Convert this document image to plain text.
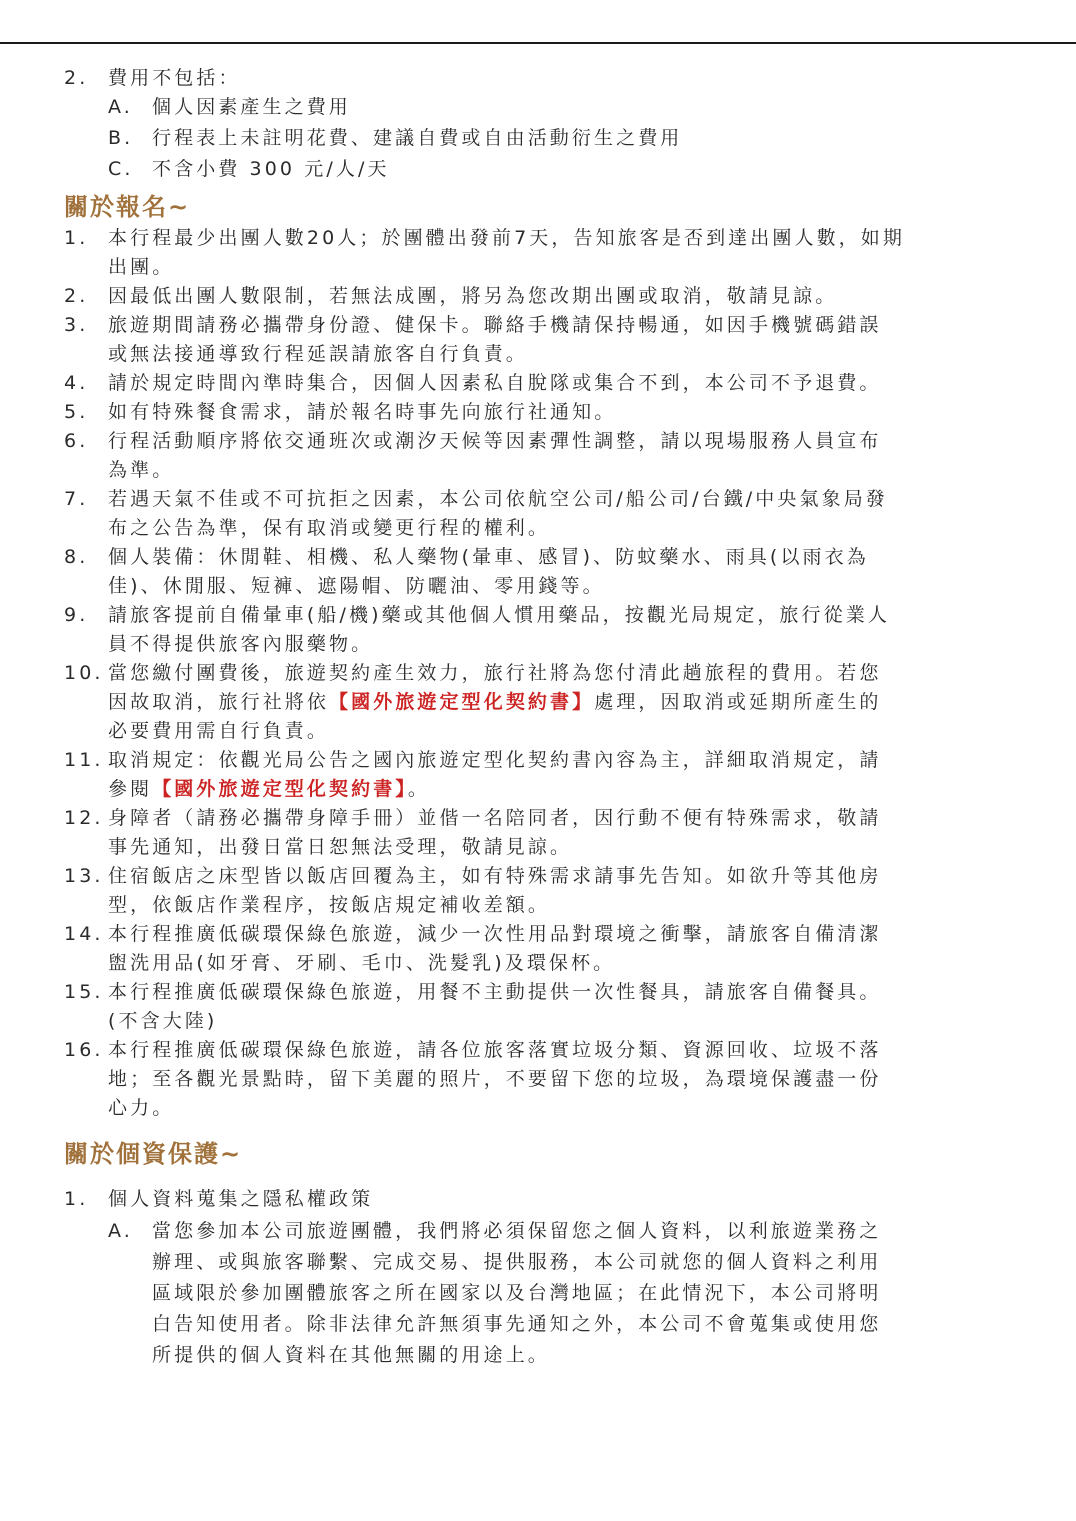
2. 費用不包括：
A. 個人因素產生之費用
B. 行程表上未註明花費、建議自費或自由活動衍生之費用
C. 不含小費 300 元/人/天
關於報名~
1. 本行程最少出團人數20人；於團體出發前7天，告知旅客是否到達出團人數，如期
出團。
2. 因最低出團人數限制，若無法成團，將另為您改期出團或取消，敬請見諒。
3. 旅遊期間請務必攜帶身份證、健保卡。聯絡手機請保持暢通，如因手機號碼錯誤
或無法接通導致行程延誤請旅客自行負責。
4. 請於規定時間內準時集合，因個人因素私自脫隊或集合不到，本公司不予退費。
5. 如有特殊餐食需求，請於報名時事先向旅行社通知。
6. 行程活動順序將依交通班次或潮汐天候等因素彈性調整，請以現場服務人員宣布
為準。
7. 若遇天氣不佳或不可抗拒之因素，本公司依航空公司/船公司/台鐵/中央氣象局發
布之公告為準，保有取消或變更行程的權利。
8. 個人裝備：休閒鞋、相機、私人藥物(暈車、感冒)、防蚊藥水、雨具(以雨衣為
佳)、休閒服、短褲、遮陽帽、防曬油、零用錢等。
9. 請旅客提前自備暈車(船/機)藥或其他個人慣用藥品，按觀光局規定，旅行從業人
員不得提供旅客內服藥物。
10. 當您繳付團費後，旅遊契約產生效力，旅行社將為您付清此趟旅程的費用。若您
因故取消，旅行社將依【國外旅遊定型化契約書】處理，因取消或延期所產生的
必要費用需自行負責。
11. 取消規定：依觀光局公告之國內旅遊定型化契約書內容為主，詳細取消規定，請
參閱【國外旅遊定型化契約書】。
12. 身障者（請務必攜帶身障手冊）並偕一名陪同者，因行動不便有特殊需求，敬請
事先通知，出發日當日恕無法受理，敬請見諒。
13. 住宿飯店之床型皆以飯店回覆為主，如有特殊需求請事先告知。如欲升等其他房
型，依飯店作業程序，按飯店規定補收差額。
14. 本行程推廣低碳環保綠色旅遊，減少一次性用品對環境之衝擊，請旅客自備清潔
盥洗用品(如牙膏、牙刷、毛巾、洗髮乳)及環保杯。
15. 本行程推廣低碳環保綠色旅遊，用餐不主動提供一次性餐具，請旅客自備餐具。
(不含大陸)
16. 本行程推廣低碳環保綠色旅遊，請各位旅客落實垃圾分類、資源回收、垃圾不落
地；至各觀光景點時，留下美麗的照片，不要留下您的垃圾，為環境保護盡一份
心力。
關於個資保護~
1. 個人資料蒐集之隱私權政策
A. 當您參加本公司旅遊團體，我們將必須保留您之個人資料，以利旅遊業務之
辦理、或與旅客聯繫、完成交易、提供服務，本公司就您的個人資料之利用
區域限於參加團體旅客之所在國家以及台灣地區；在此情況下，本公司將明
白告知使用者。除非法律允許無須事先通知之外，本公司不會蒐集或使用您
所提供的個人資料在其他無關的用途上。
